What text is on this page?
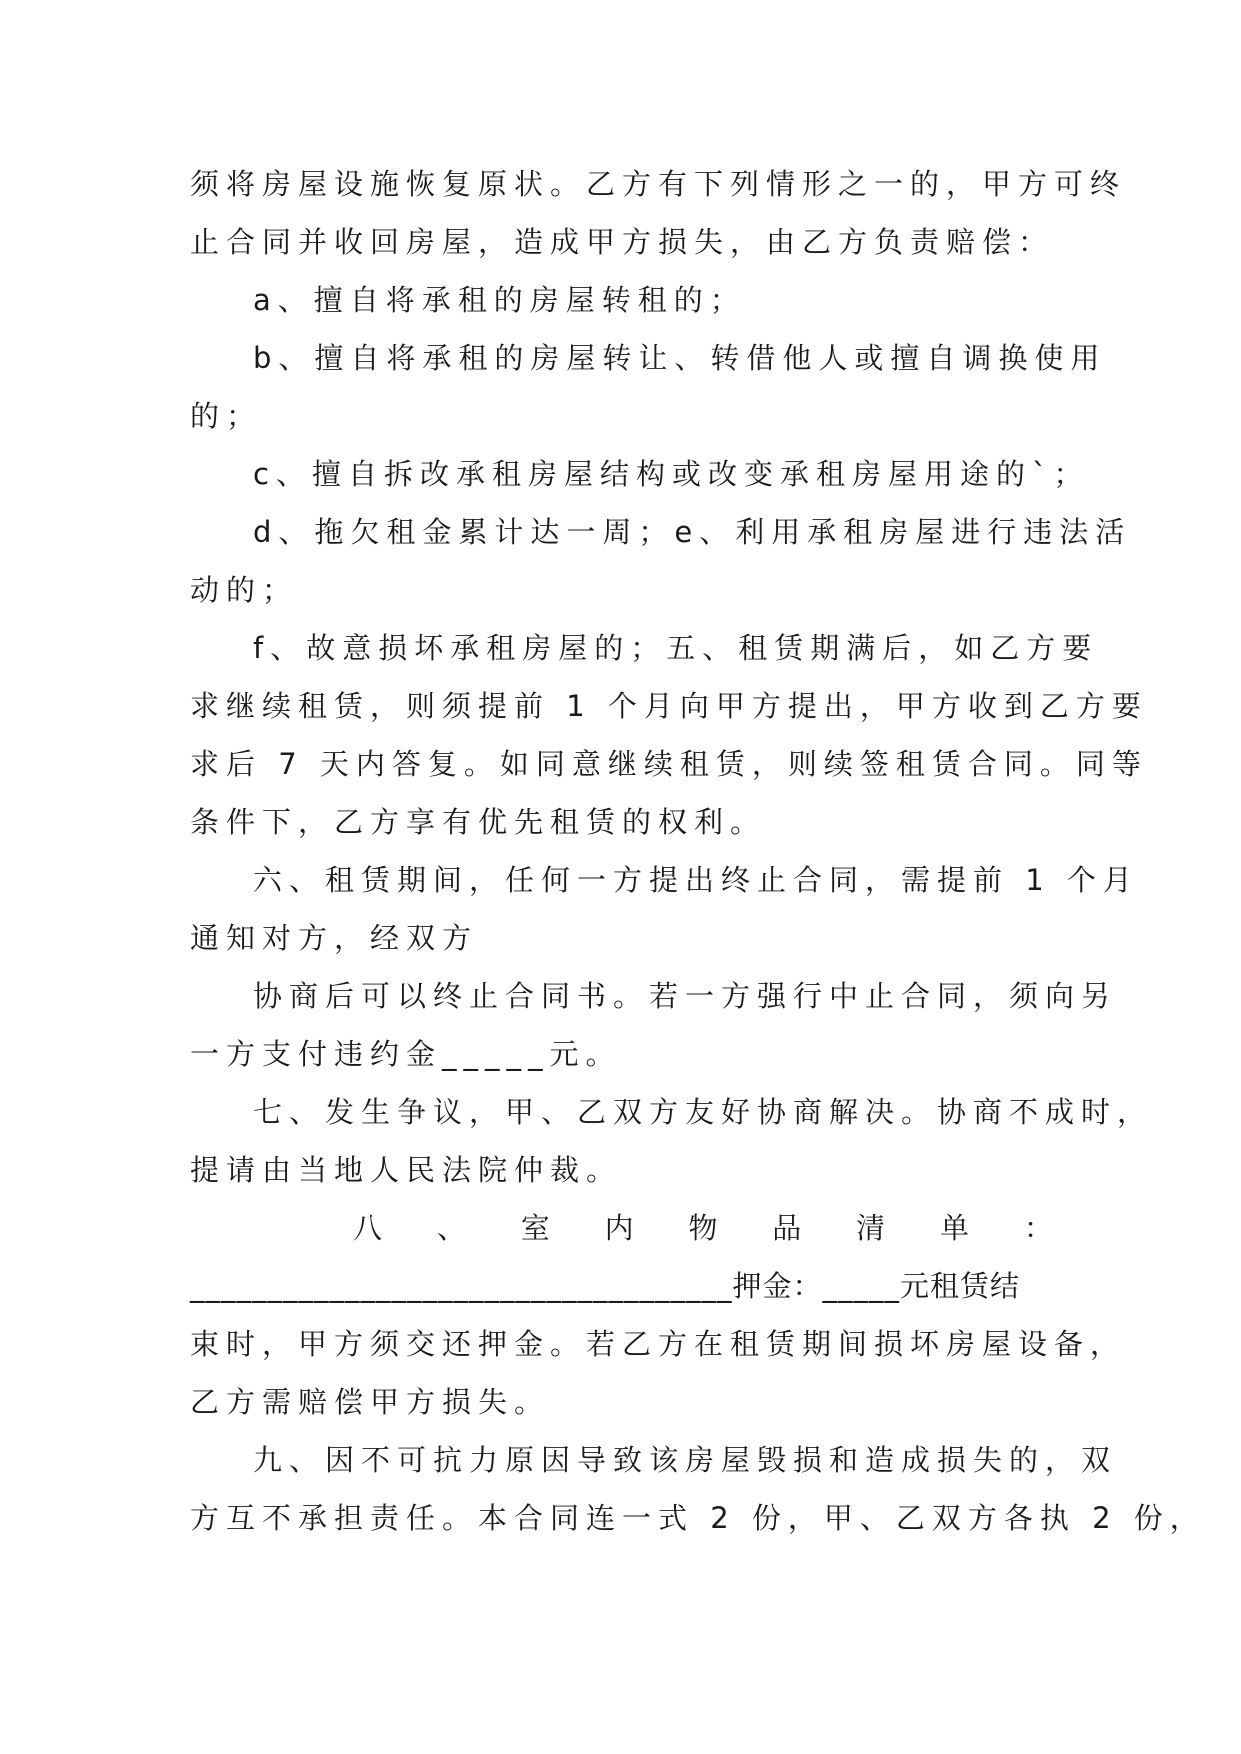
须将房屋设施恢复原状。乙方有下列情形之一的，甲方可终
止合同并收回房屋，造成甲方损失，由乙方负责赔偿：
a、擅自将承租的房屋转租的；
b、擅自将承租的房屋转让、转借他人或擅自调换使用
的；
c、擅自拆改承租房屋结构或改变承租房屋用途的`；
d、拖欠租金累计达一周；e、利用承租房屋进行违法活
动的；
f、故意损坏承租房屋的；五、租赁期满后，如乙方要
求继续租赁，则须提前 1 个月向甲方提出，甲方收到乙方要
求后 7 天内答复。如同意继续租赁，则续签租赁合同。同等
条件下，乙方享有优先租赁的权利。
六、租赁期间，任何一方提出终止合同，需提前 1 个月
通知对方，经双方
协商后可以终止合同书。若一方强行中止合同，须向另
一方支付违约金_____元。
七、发生争议，甲、乙双方友好协商解决。协商不成时，
提请由当地人民法院仲裁。
八 、 室 内 物 品 清 单 ：
___________________________________押金：_____元租赁结
束时，甲方须交还押金。若乙方在租赁期间损坏房屋设备，
乙方需赔偿甲方损失。
九、因不可抗力原因导致该房屋毁损和造成损失的，双
方互不承担责任。本合同连一式 2 份，甲、乙双方各执 2 份，
